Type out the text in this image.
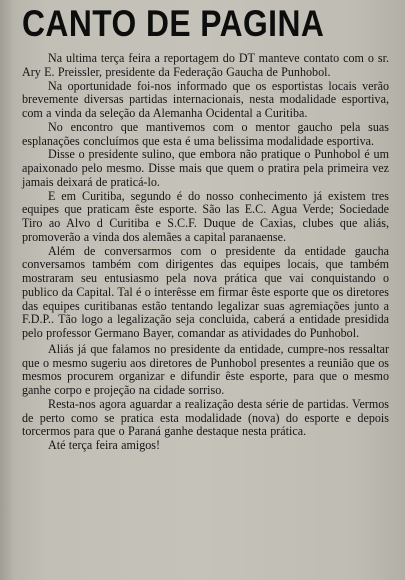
CANTO DE PAGINA

Na ultima terça feira a reportagem do DT manteve contato com o sr. Ary E. Preissler, presidente da Federação Gaucha de Punhobol.

Na oportunidade foi-nos informado que os esportistas locais verão brevemente diversas partidas internacionais, nesta modalidade esportiva, com a vinda da seleção da Alemanha Ocidental a Curitiba.

No encontro que mantivemos com o mentor gaucho pela suas esplanações concluímos que esta é uma belissima modalidade esportiva.

Disse o presidente sulino, que embora não pratique o Punhobol é um apaixonado pelo mesmo. Disse mais que quem o pratira pela primeira vez jamais deixará de praticá-lo.

E em Curitiba, segundo é do nosso conhecimento já existem tres equipes que praticam êste esporte. São las E.C. Agua Verde; Sociedade Tiro ao Alvo d Curitiba e S.C.F. Duque de Caxias, clubes que aliás, promoverão a vinda dos alemães a capital paranaense.

Além de conversarmos com o presidente da entidade gaucha conversamos também com dirigentes das equipes locais, que também mostraram seu entusiasmo pela nova prática que vai conquistando o publico da Capital. Tal é o interêsse em firmar êste esporte que os diretores das equipes curitibanas estão tentando legalizar suas agremiações junto a F.D.P.. Tão logo a legalização seja concluida, caberá a entidade presidida pelo professor Germano Bayer, comandar as atividades do Punhobol.

Aliás já que falamos no presidente da entidade, cumpre-nos ressaltar que o mesmo sugeriu aos diretores de Punhobol presentes a reunião que os mesmos procurem organizar e difundir êste esporte, para que o mesmo ganhe corpo e projeção na cidade sorriso.

Resta-nos agora aguardar a realização desta série de partidas. Vermos de perto como se pratica esta modalidade (nova) do esporte e depois torcermos para que o Paraná ganhe destaque nesta prática.

Até terça feira amigos!
